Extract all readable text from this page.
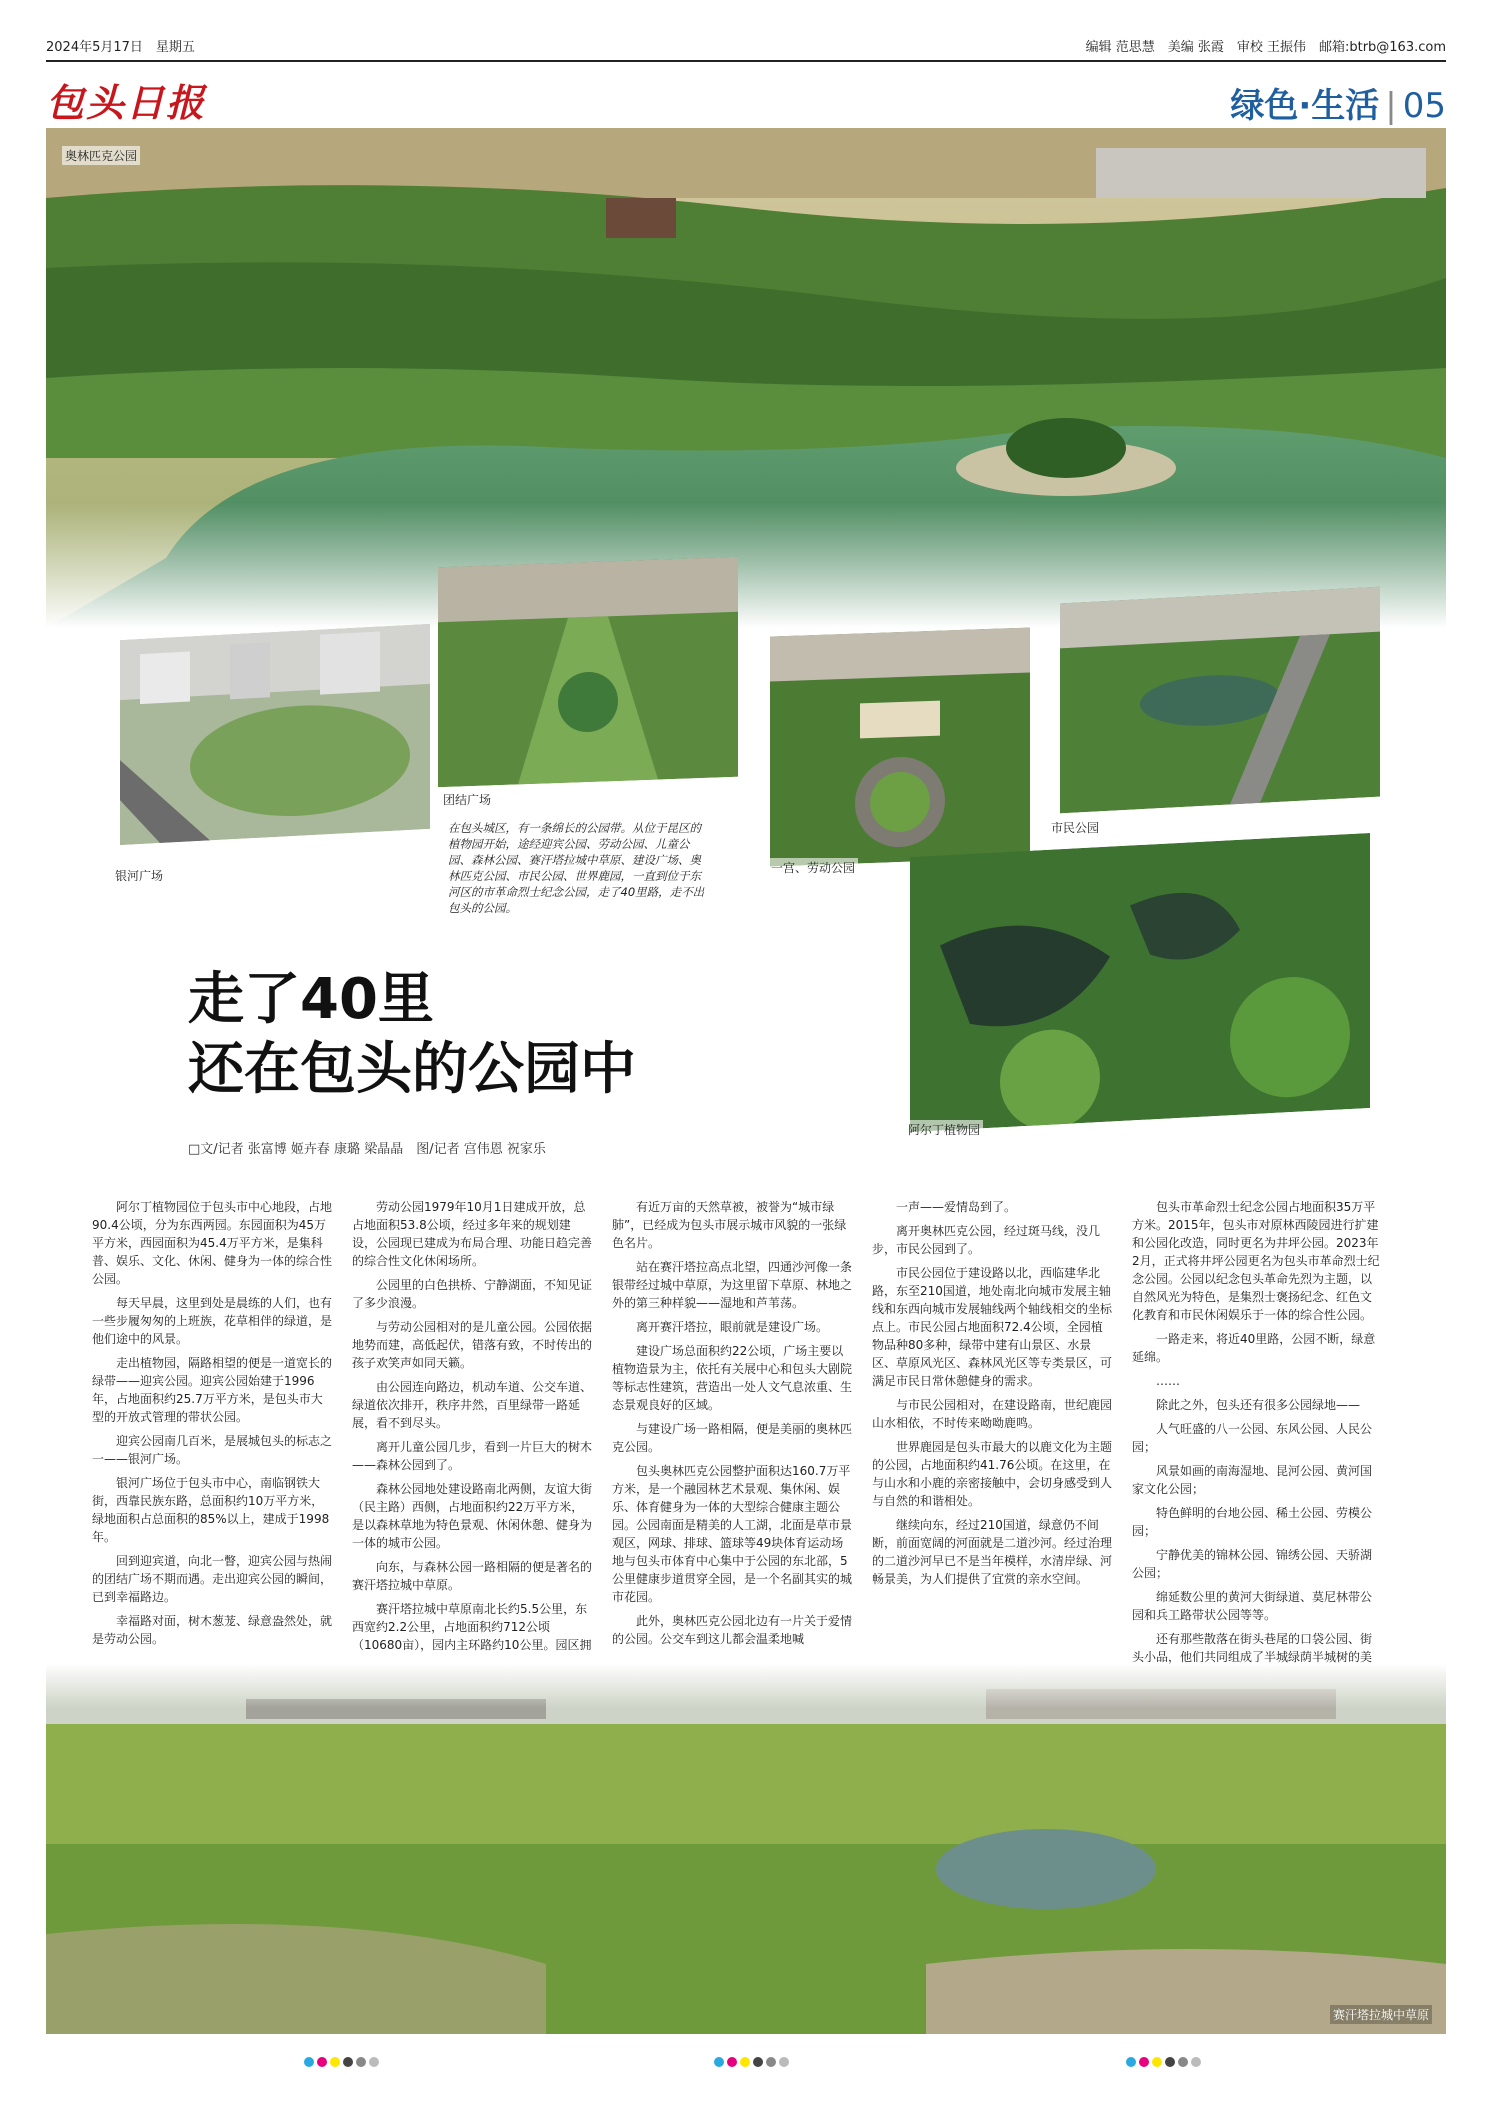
2024年5月17日　 星期五	编辑 范思慧　美编 张霞　审校 王振伟　邮箱:btrb@163.com
包头日报	绿色·生活 | 05
奥林匹克公园
银河广场
团结广场
一宫、劳动公园
市民公园
阿尔丁植物园
在包头城区，有一条绵长的公园带。从位于昆区的植物园开始，途经迎宾公园、劳动公园、儿童公园、森林公园、赛汗塔拉城中草原、建设广场、奥林匹克公园、市民公园、世界鹿园，一直到位于东河区的市革命烈士纪念公园，走了40里路，走不出包头的公园。
走了40里
还在包头的公园中
□文/记者 张富博 姬卉春 康璐 梁晶晶　图/记者 宫伟恩 祝家乐

阿尔丁植物园位于包头市中心地段，占地90.4公顷，分为东西两园。东园面积为45万平方米，西园面积为45.4万平方米，是集科普、娱乐、文化、休闲、健身为一体的综合性公园。

每天早晨，这里到处是晨练的人们，也有一些步履匆匆的上班族，花草相伴的绿道，是他们途中的风景。

走出植物园，隔路相望的便是一道宽长的绿带——迎宾公园。迎宾公园始建于1996年，占地面积约25.7万平方米，是包头市大型的开放式管理的带状公园。

迎宾公园南几百米，是展城包头的标志之一——银河广场。

银河广场位于包头市中心，南临钢铁大街，西靠民族东路，总面积约10万平方米，绿地面积占总面积的85%以上，建成于1998年。

回到迎宾道，向北一瞥，迎宾公园与热闹的团结广场不期而遇。走出迎宾公园的瞬间，已到幸福路边。

幸福路对面，树木葱茏、绿意盎然处，就是劳动公园。

劳动公园1979年10月1日建成开放，总占地面积53.8公顷，经过多年来的规划建设，公园现已建成为布局合理、功能日趋完善的综合性文化休闲场所。

公园里的白色拱桥、宁静湖面，不知见证了多少浪漫。

与劳动公园相对的是儿童公园。公园依据地势而建，高低起伏，错落有致，不时传出的孩子欢笑声如同天籁。

由公园连向路边，机动车道、公交车道、绿道依次排开，秩序井然，百里绿带一路延展，看不到尽头。

离开儿童公园几步，看到一片巨大的树木——森林公园到了。

森林公园地处建设路南北两侧，友谊大街（民主路）西侧，占地面积约22万平方米，是以森林草地为特色景观、休闲休憩、健身为一体的城市公园。

向东，与森林公园一路相隔的便是著名的赛汗塔拉城中草原。

赛汗塔拉城中草原南北长约5.5公里，东西宽约2.2公里，占地面积约712公顷（10680亩），园内主环路约10公里。园区拥

有近万亩的天然草被，被誉为“城市绿肺”，已经成为包头市展示城市风貌的一张绿色名片。

站在赛汗塔拉高点北望，四通沙河像一条银带经过城中草原，为这里留下草原、林地之外的第三种样貌——湿地和芦苇荡。

离开赛汗塔拉，眼前就是建设广场。

建设广场总面积约22公顷，广场主要以植物造景为主，依托有关展中心和包头大剧院等标志性建筑，营造出一处人文气息浓重、生态景观良好的区域。

与建设广场一路相隔，便是美丽的奥林匹克公园。

包头奥林匹克公园整护面积达160.7万平方米，是一个融园林艺术景观、集休闲、娱乐、体育健身为一体的大型综合健康主题公园。公园南面是精美的人工湖，北面是草市景观区，网球、排球、篮球等49块体育运动场地与包头市体育中心集中于公园的东北部，5公里健康步道贯穿全园，是一个名副其实的城市花园。

此外，奥林匹克公园北边有一片关于爱情的公园。公交车到这儿都会温柔地喊

一声——爱情岛到了。

离开奥林匹克公园，经过斑马线，没几步，市民公园到了。

市民公园位于建设路以北，西临建华北路，东至210国道，地处南北向城市发展主轴线和东西向城市发展轴线两个轴线相交的坐标点上。市民公园占地面积72.4公顷，全园植物品种80多种，绿带中建有山景区、水景区、草原风光区、森林风光区等专类景区，可满足市民日常休憩健身的需求。

与市民公园相对，在建设路南，世纪鹿园山水相依，不时传来呦呦鹿鸣。

世界鹿园是包头市最大的以鹿文化为主题的公园，占地面积约41.76公顷。在这里，在与山水和小鹿的亲密接触中，会切身感受到人与自然的和谐相处。

继续向东，经过210国道，绿意仍不间断，前面宽阔的河面就是二道沙河。经过治理的二道沙河早已不是当年模样，水清岸绿、河畅景美，为人们提供了宜赏的亲水空间。

包头市革命烈士纪念公园占地面积35万平方米。2015年，包头市对原林西陵园进行扩建和公园化改造，同时更名为井坪公园。2023年2月，正式将井坪公园更名为包头市革命烈士纪念公园。公园以纪念包头革命先烈为主题，以自然风光为特色，是集烈士褒扬纪念、红色文化教育和市民休闲娱乐于一体的综合性公园。

一路走来，将近40里路，公园不断，绿意延绵。

……

除此之外，包头还有很多公园绿地——

人气旺盛的八一公园、东风公园、人民公园；

风景如画的南海湿地、昆河公园、黄河国家文化公园；

特色鲜明的台地公园、稀土公园、劳模公园；

宁静优美的锦林公园、锦绣公园、天骄湖公园；

绵延数公里的黄河大街绿道、莫尼林带公园和兵工路带状公园等等。

还有那些散落在街头巷尾的口袋公园、街头小品，他们共同组成了半城绿荫半城树的美

赛汗塔拉城中草原
